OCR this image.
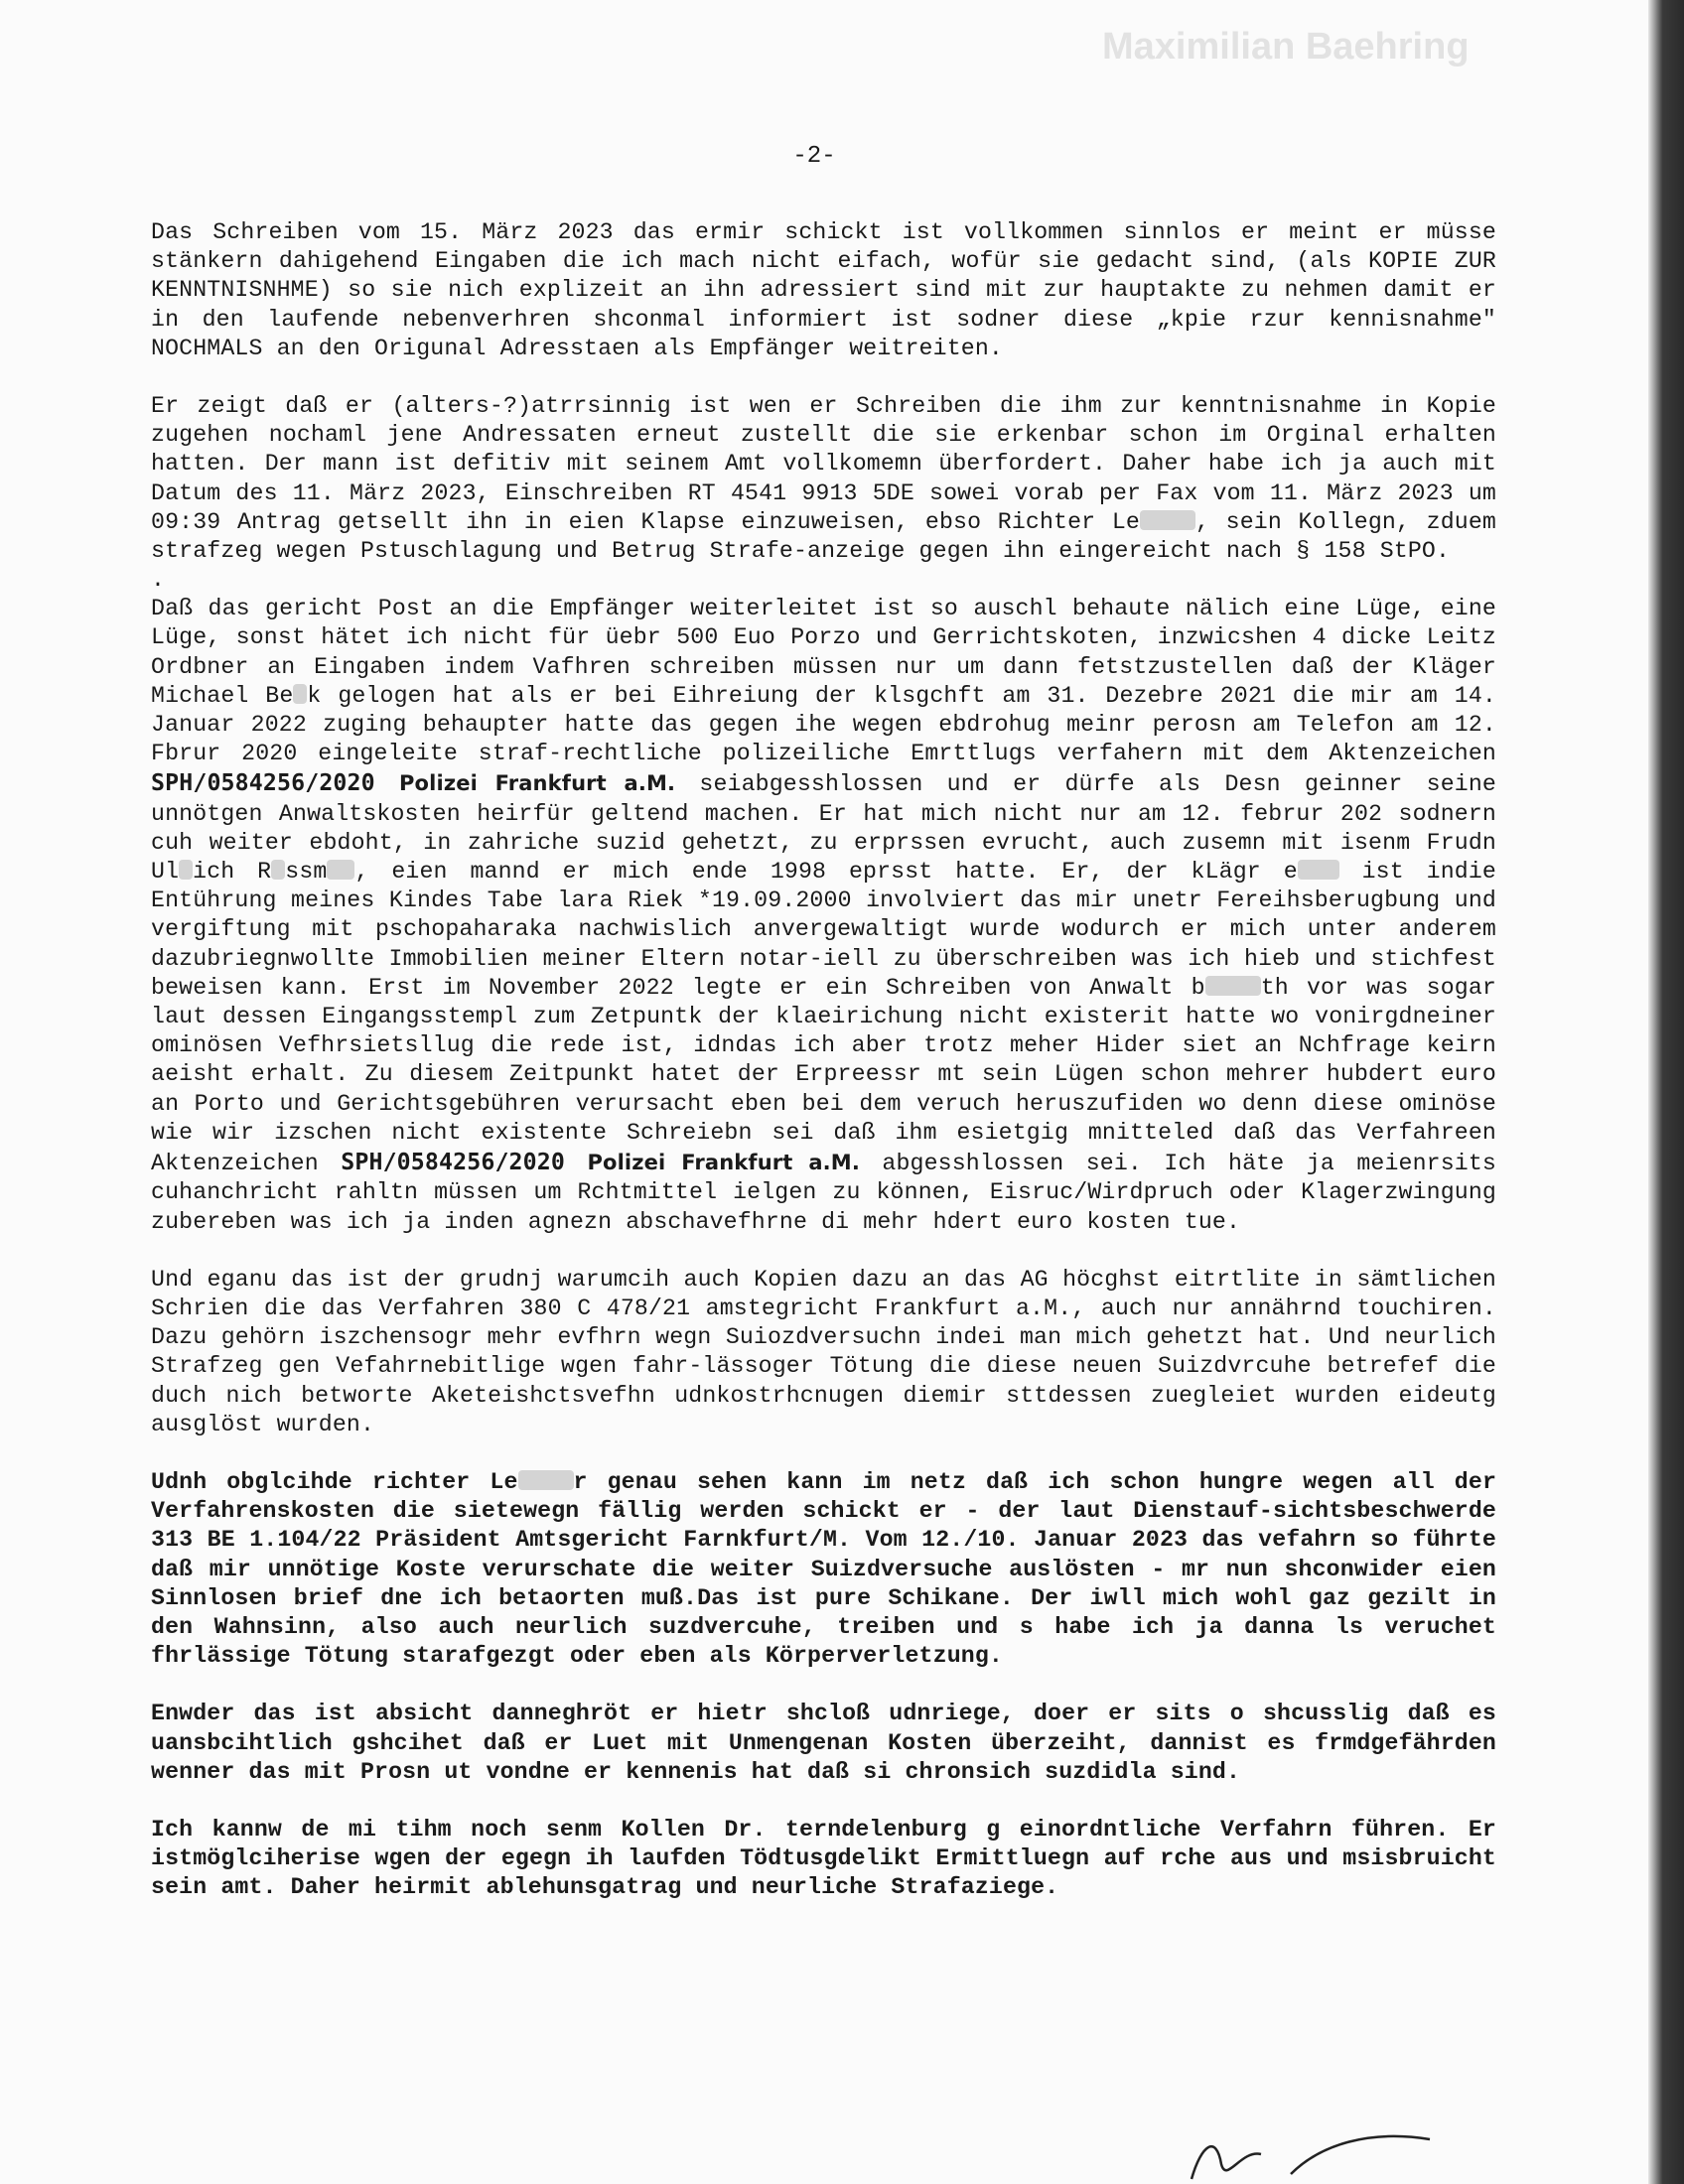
Maximilian Baehring
-2-

Das Schreiben vom 15. März 2023 das ermir schickt ist vollkommen sinnlos er meint er müsse stänkern dahigehend Eingaben die ich mach nicht eifach, wofür sie gedacht sind, (als KOPIE ZUR KENNTNISNHME) so sie nich explizeit an ihn adressiert sind mit zur hauptakte zu nehmen damit er in den laufende nebenverhren shconmal informiert ist sodner diese „kpie rzur kennisnahme" NOCHMALS an den Origunal Adresstaen als Empfänger weitreiten.

Er zeigt daß er (alters-?)atrrsinnig ist wen er Schreiben die ihm zur kenntnisnahme in Kopie zugehen nochaml jene Andressaten erneut zustellt die sie erkenbar schon im Orginal erhalten hatten. Der mann ist defitiv mit seinem Amt vollkomemn überfordert. Daher habe ich ja auch mit Datum des 11. März 2023, Einschreiben RT 4541 9913 5DE sowei vorab per Fax vom 11. März 2023 um 09:39 Antrag getsellt ihn in eien Klapse einzuweisen, ebso Richter Le , sein Kollegn, zduem strafzeg wegen Pstuschlagung und Betrug Strafe-anzeige gegen ihn eingereicht nach § 158 StPO.

.

Daß das gericht Post an die Empfänger weiterleitet ist so auschl behaute nälich eine Lüge, eine Lüge, sonst hätet ich nicht für üebr 500 Euo Porzo und Gerrichtskoten, inzwicshen 4 dicke Leitz Ordbner an Eingaben indem Vafhren schreiben müssen nur um dann fetstzustellen daß der Kläger Michael Be k gelogen hat als er bei Eihreiung der klsgchft am 31. Dezebre 2021 die mir am 14. Januar 2022 zuging behaupter hatte das gegen ihe wegen ebdrohug meinr perosn am Telefon am 12. Fbrur 2020 eingeleite straf-rechtliche polizeiliche Emrttlugs verfahern mit dem Aktenzeichen SPH/0584256/2020 Polizei Frankfurt a.M. seiabgesshlossen und er dürfe als Desn geinner seine unnötgen Anwaltskosten heirfür geltend machen. Er hat mich nicht nur am 12. februr 202 sodnern cuh weiter ebdoht, in zahriche suzid gehetzt, zu erprssen evrucht, auch zusemn mit isenm Frudn Ul ich R ssm , eien mannd er mich ende 1998 eprsst hatte. Er, der kLägr e ist indie Entührung meines Kindes Tabe lara Riek *19.09.2000 involviert das mir unetr Fereihsberugbung und vergiftung mit pschopaharaka nachwislich anvergewaltigt wurde wodurch er mich unter anderem dazubriegnwollte Immobilien meiner Eltern notar-iell zu überschreiben was ich hieb und stichfest beweisen kann. Erst im November 2022 legte er ein Schreiben von Anwalt b th vor was sogar laut dessen Eingangsstempl zum Zetpuntk der klaeirichung nicht existerit hatte wo vonirgdneiner ominösen Vefhrsietsllug die rede ist, idndas ich aber trotz meher Hider siet an Nchfrage keirn aeisht erhalt. Zu diesem Zeitpunkt hatet der Erpreessr mt sein Lügen schon mehrer hubdert euro an Porto und Gerichtsgebühren verursacht eben bei dem veruch heruszufiden wo denn diese ominöse wie wir izschen nicht existente Schreiebn sei daß ihm esietgig mnitteled daß das Verfahreen Aktenzeichen SPH/0584256/2020 Polizei Frankfurt a.M. abgesshlossen sei. Ich häte ja meienrsits cuhanchricht rahltn müssen um Rchtmittel ielgen zu können, Eisruc/Wirdpruch oder Klagerzwingung zubereben was ich ja inden agnezn abschavefhrne di mehr hdert euro kosten tue.

Und eganu das ist der grudnj warumcih auch Kopien dazu an das AG höcghst eitrtlite in sämtlichen Schrien die das Verfahren 380 C 478/21 amstegricht Frankfurt a.M., auch nur annährnd touchiren. Dazu gehörn iszchensogr mehr evfhrn wegn Suiozdversuchn indei man mich gehetzt hat. Und neurlich Strafzeg gen Vefahrnebitlige wgen fahr-lässoger Tötung die diese neuen Suizdvrcuhe betrefef die duch nich betworte Aketeishctsvefhn udnkostrhcnugen diemir sttdessen zuegleiet wurden eideutg ausglöst wurden.

Udnh obglcihde richter Le r genau sehen kann im netz daß ich schon hungre wegen all der Verfahrenskosten die sietewegn fällig werden schickt er - der laut Dienstauf-sichtsbeschwerde 313 BE 1.104/22 Präsident Amtsgericht Farnkfurt/M. Vom 12./10. Januar 2023 das vefahrn so führte daß mir unnötige Koste verurschate die weiter Suizdversuche auslösten - mr nun shconwider eien Sinnlosen brief dne ich betaorten muß.Das ist pure Schikane. Der iwll mich wohl gaz gezilt in den Wahnsinn, also auch neurlich suzdvercuhe, treiben und s habe ich ja danna ls veruchet fhrlässige Tötung starafgezgt oder eben als Körperverletzung.

Enwder das ist absicht danneghröt er hietr shcloß udnriege, doer er sits o shcusslig daß es uansbcihtlich gshcihet daß er Luet mit Unmengenan Kosten überzeiht, dannist es frmdgefährden wenner das mit Prosn ut vondne er kennenis hat daß si chronsich suzdidla sind.

Ich kannw de mi tihm noch senm Kollen Dr. terndelenburg g einordntliche Verfahrn führen. Er istmöglciherise wgen der egegn ih laufden Tödtusgdelikt Ermittluegn auf rche aus und msisbruicht sein amt. Daher heirmit ablehunsgatrag und neurliche Strafaziege.
